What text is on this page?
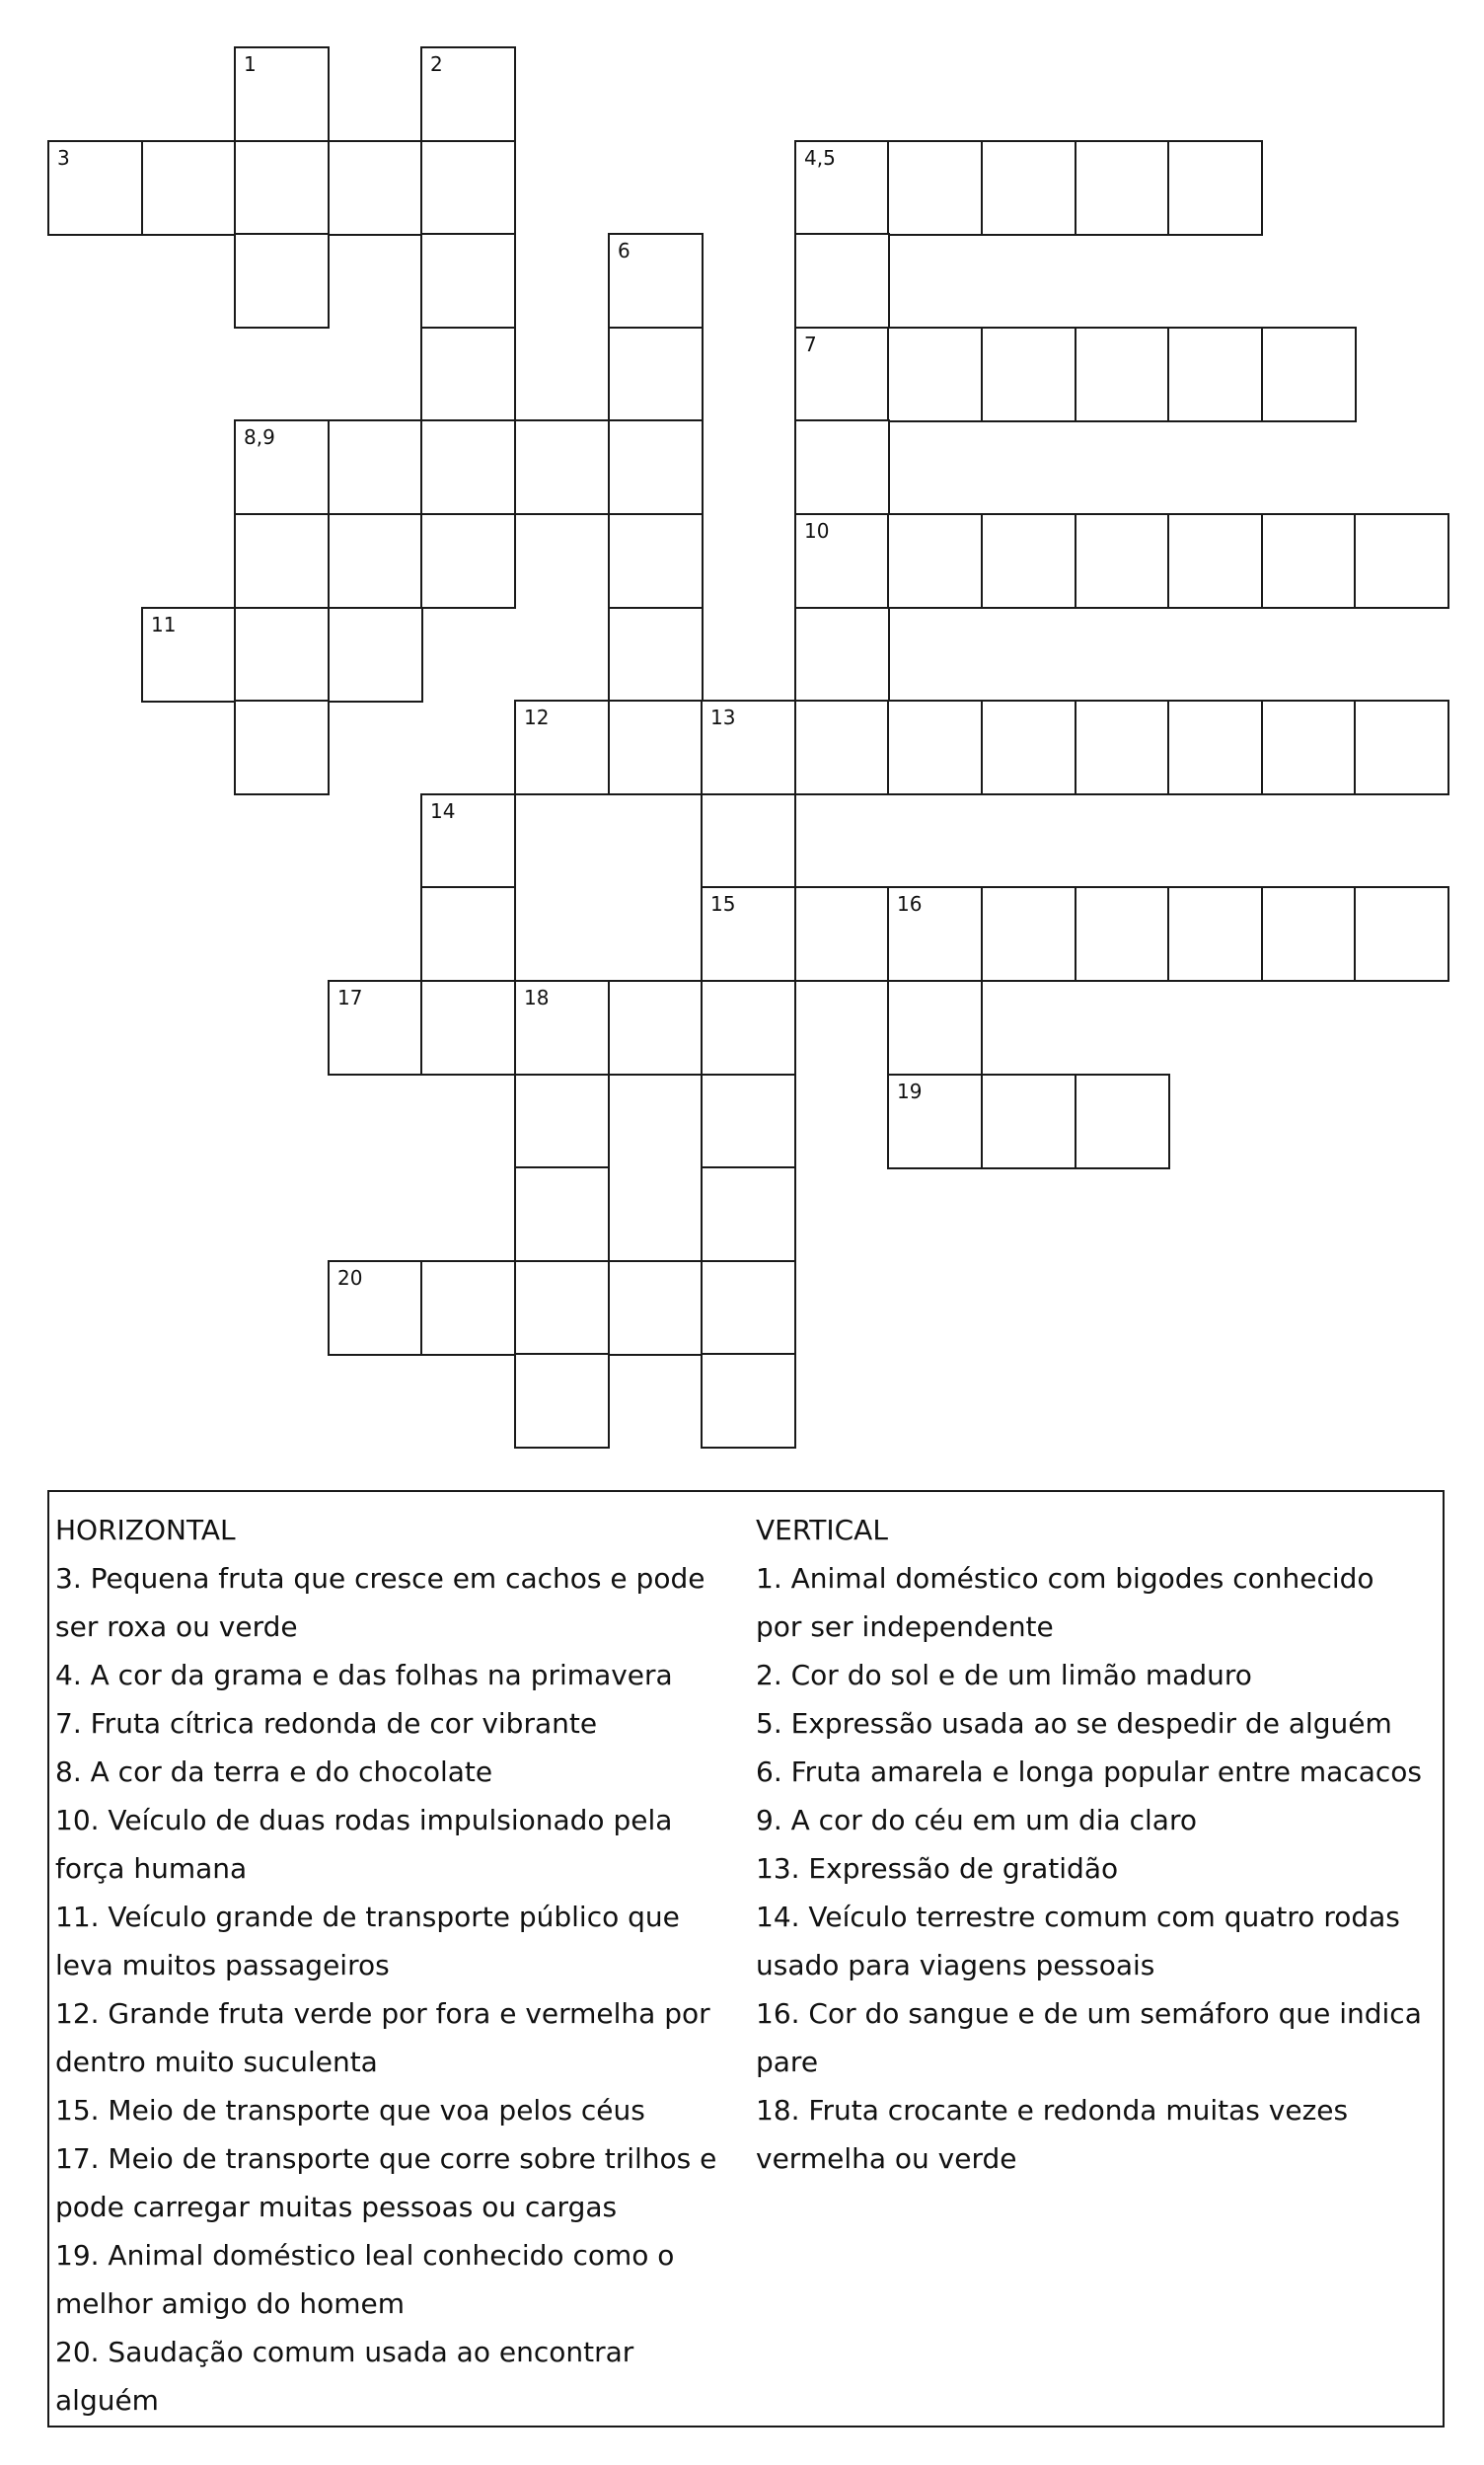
1	2
3	4,5
6
7
8,9
10
11
12	13
14
15	16
17	18
19
20

HORIZONTAL

3. Pequena fruta que cresce em cachos e pode ser roxa ou verde

4. A cor da grama e das folhas na primavera

7. Fruta cítrica redonda de cor vibrante

8. A cor da terra e do chocolate

10. Veículo de duas rodas impulsionado pela força humana

11. Veículo grande de transporte público que leva muitos passageiros

12. Grande fruta verde por fora e vermelha por dentro muito suculenta

15. Meio de transporte que voa pelos céus

17. Meio de transporte que corre sobre trilhos e pode carregar muitas pessoas ou cargas

19. Animal doméstico leal conhecido como o melhor amigo do homem

20. Saudação comum usada ao encontrar alguém

VERTICAL

1. Animal doméstico com bigodes conhecido por ser independente

2. Cor do sol e de um limão maduro

5. Expressão usada ao se despedir de alguém

6. Fruta amarela e longa popular entre macacos

9. A cor do céu em um dia claro

13. Expressão de gratidão

14. Veículo terrestre comum com quatro rodas usado para viagens pessoais

16. Cor do sangue e de um semáforo que indica pare

18. Fruta crocante e redonda muitas vezes vermelha ou verde
